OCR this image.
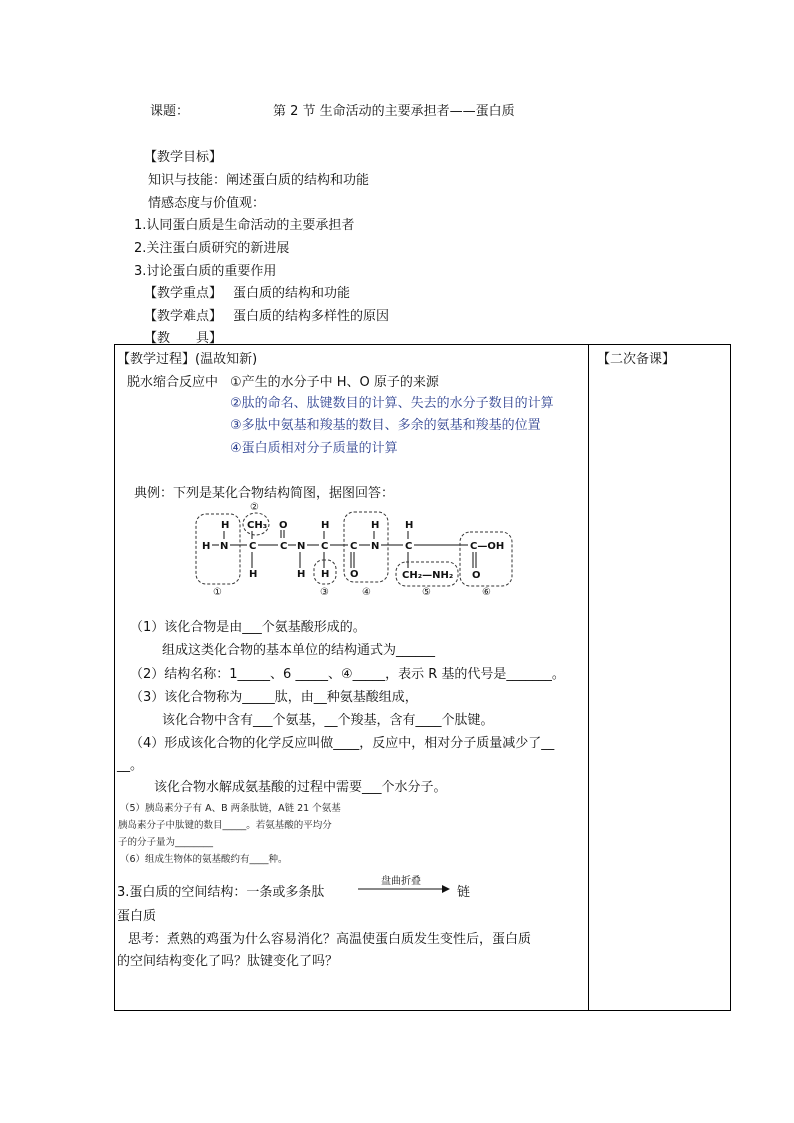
课题：	第 2 节 生命活动的主要承担者——蛋白质
【教学目标】
知识与技能：阐述蛋白质的结构和功能
情感态度与价值观：
1.认同蛋白质是生命活动的主要承担者
2.关注蛋白质研究的新进展
3.讨论蛋白质的重要作用
【教学重点】 蛋白质的结构和功能
【教学难点】 蛋白质的结构多样性的原因
【教　　具】
【教学过程】(温故知新)	【二次备课】
脱水缩合反应中 ①产生的水分子中 H、O 原子的来源
②肽的命名、肽键数目的计算、失去的水分子数目的计算
③多肽中氨基和羧基的数目、多余的氨基和羧基的位置
④蛋白质相对分子质量的计算
典例：下列是某化合物结构简图，据图回答：
H
H N
CH₃
C
H
O
C N
H
H
C
H
C
O
H
N
H
C
CH₂—NH₂
C—OH
O
①
②
③	④	⑤	⑥
（1）该化合物是由___个氨基酸形成的。
组成这类化合物的基本单位的结构通式为______
（2）结构名称：1_____、6 _____、④_____，表示 R 基的代号是_______。
（3）该化合物称为_____肽，由__种氨基酸组成，
该化合物中含有___个氨基，__个羧基，含有____个肽键。
（4）形成该化合物的化学反应叫做____，反应中，相对分子质量减少了__
__。
该化合物水解成氨基酸的过程中需要___个水分子。
（5）胰岛素分子有 A、B 两条肽链，A链 21 个氨基
胰岛素分子中肽键的数目_____。若氨基酸的平均分
子的分子量为________
（6）组成生物体的氨基酸约有____种。
3.蛋白质的空间结构：一条或多条肽
盘曲折叠
链
蛋白质
思考：煮熟的鸡蛋为什么容易消化？高温使蛋白质发生变性后，蛋白质
的空间结构变化了吗？肽键变化了吗？
